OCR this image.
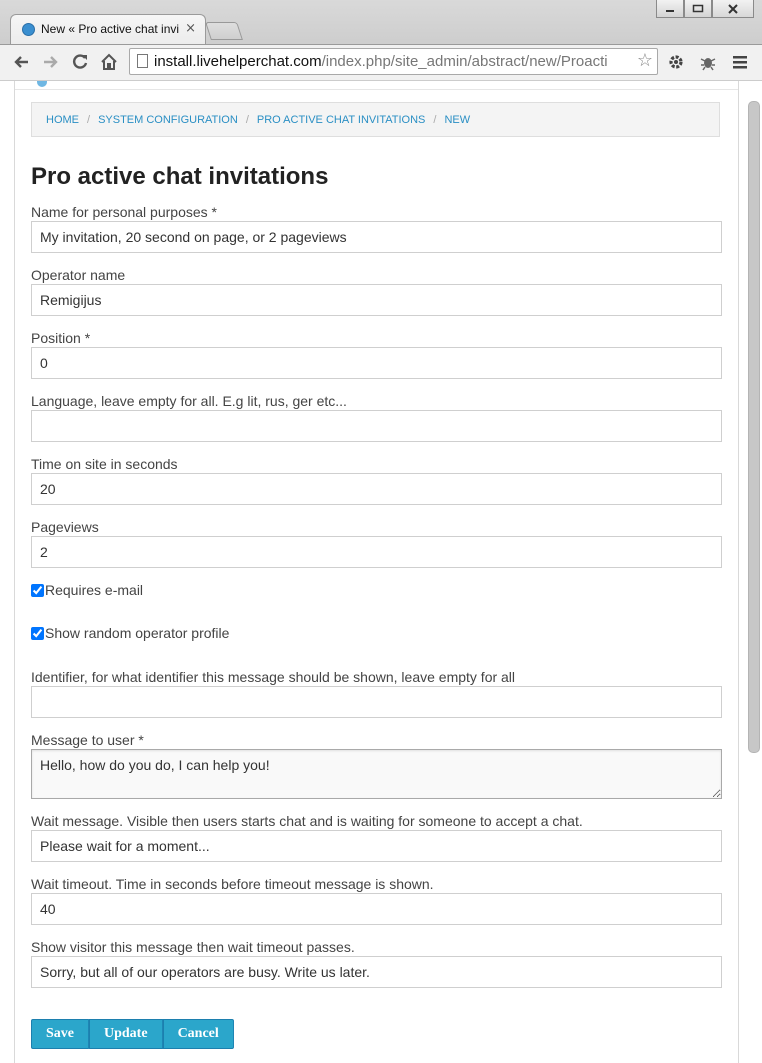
New « Pro active chat invi ×
install.livehelperchat.com/index.php/site_admin/abstract/new/Proacti	☆
HOME / SYSTEM CONFIGURATION / PRO ACTIVE CHAT INVITATIONS / NEW
Pro active chat invitations
Name for personal purposes *
My invitation, 20 second on page, or 2 pageviews
Operator name
Remigijus
Position *
0
Language, leave empty for all. E.g lit, rus, ger etc...
Time on site in seconds
20
Pageviews
2
Requires e-mail
Show random operator profile
Identifier, for what identifier this message should be shown, leave empty for all
Message to user *
Hello, how do you do, I can help you!
Wait message. Visible then users starts chat and is waiting for someone to accept a chat.
Please wait for a moment...
Wait timeout. Time in seconds before timeout message is shown.
40
Show visitor this message then wait timeout passes.
Sorry, but all of our operators are busy. Write us later.
Save	Update	Cancel
